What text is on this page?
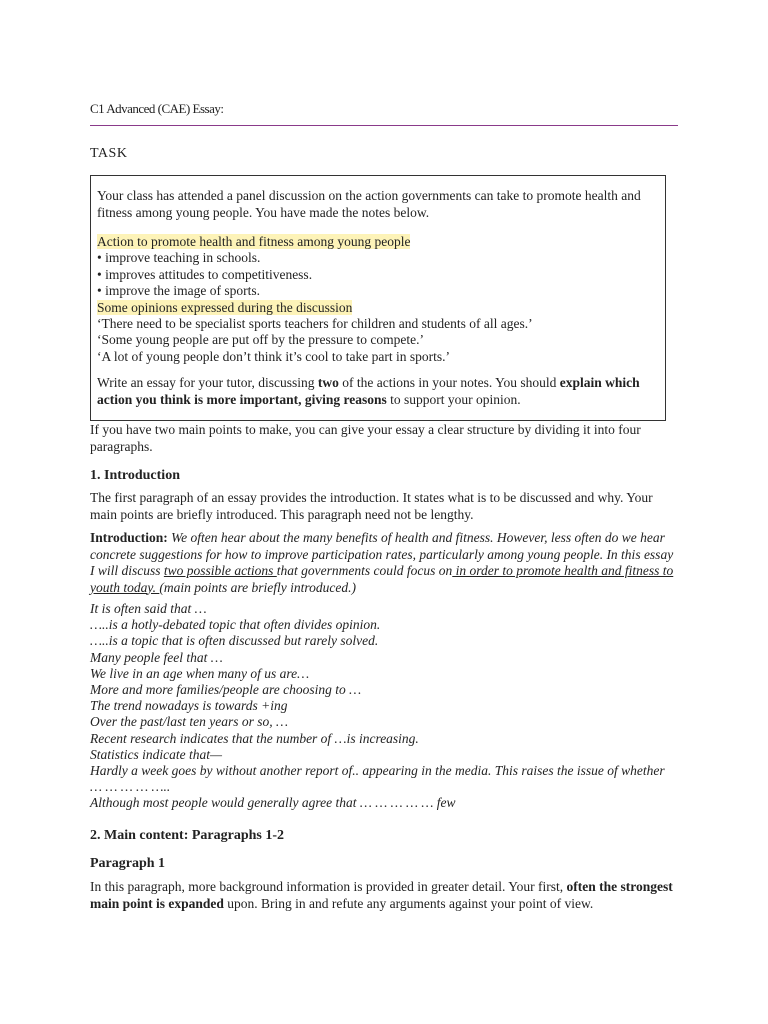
C1 Advanced (CAE) Essay:
TASK

Your class has attended a panel discussion on the action governments can take to promote health and fitness among young people. You have made the notes below.

Action to promote health and fitness among young people
• improve teaching in schools.
• improves attitudes to competitiveness.
• improve the image of sports.
Some opinions expressed during the discussion
‘There need to be specialist sports teachers for children and students of all ages.’
‘Some young people are put off by the pressure to compete.’
‘A lot of young people don’t think it’s cool to take part in sports.’

Write an essay for your tutor, discussing two of the actions in your notes. You should explain which action you think is more important, giving reasons to support your opinion.

If you have two main points to make, you can give your essay a clear structure by dividing it into four paragraphs.

1. Introduction

The first paragraph of an essay provides the introduction. It states what is to be discussed and why. Your main points are briefly introduced. This paragraph need not be lengthy.

Introduction: We often hear about the many benefits of health and fitness. However, less often do we hear concrete suggestions for how to improve participation rates, particularly among young people. In this essay I will discuss two possible actions that governments could focus on in order to promote health and fitness to youth today. (main points are briefly introduced.)

It is often said that …
…..is a hotly-debated topic that often divides opinion.
…..is a topic that is often discussed but rarely solved.
Many people feel that …
We live in an age when many of us are…
More and more families/people are choosing to …
The trend nowadays is towards +ing
Over the past/last ten years or so, …
Recent research indicates that the number of …is increasing.
Statistics indicate that—
Hardly a week goes by without another report of.. appearing in the media. This raises the issue of whether … … … … …..
Although most people would generally agree that … … … … … few

2. Main content: Paragraphs 1-2

Paragraph 1

In this paragraph, more background information is provided in greater detail. Your first, often the strongest main point is expanded upon. Bring in and refute any arguments against your point of view.
